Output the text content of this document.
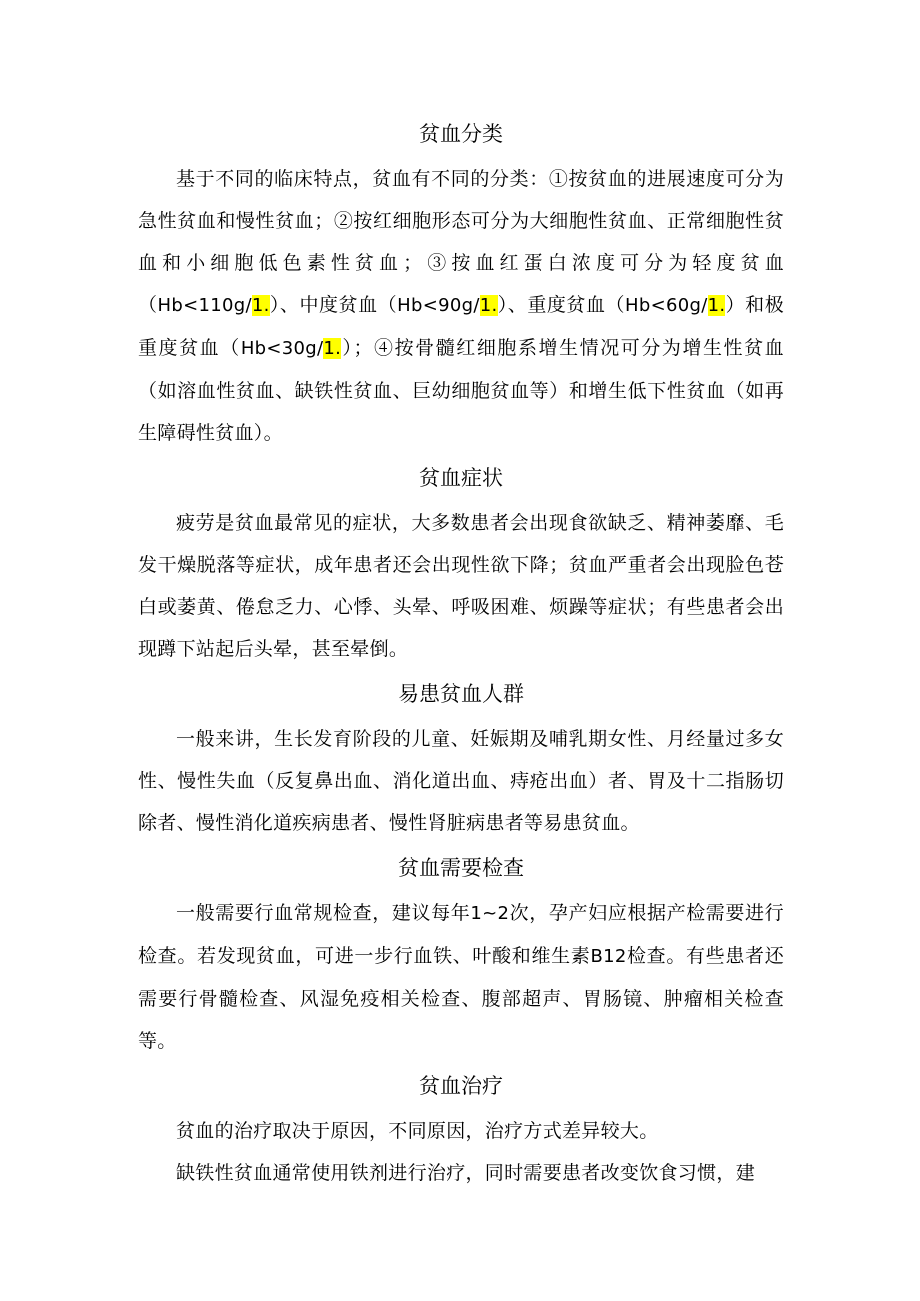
贫血分类

基于不同的临床特点，贫血有不同的分类：①按贫血的进展速度可分为急性贫血和慢性贫血；②按红细胞形态可分为大细胞性贫血、正常细胞性贫血和小细胞低色素性贫血；③按血红蛋白浓度可分为轻度贫血（Hb<110g/1.）、中度贫血（Hb<90g/1.）、重度贫血（Hb<60g/1.）和极重度贫血（Hb<30g/1.）；④按骨髓红细胞系增生情况可分为增生性贫血（如溶血性贫血、缺铁性贫血、巨幼细胞贫血等）和增生低下性贫血（如再生障碍性贫血）。

贫血症状

疲劳是贫血最常见的症状，大多数患者会出现食欲缺乏、精神萎靡、毛发干燥脱落等症状，成年患者还会出现性欲下降；贫血严重者会出现脸色苍白或萎黄、倦怠乏力、心悸、头晕、呼吸困难、烦躁等症状；有些患者会出现蹲下站起后头晕，甚至晕倒。

易患贫血人群

一般来讲，生长发育阶段的儿童、妊娠期及哺乳期女性、月经量过多女性、慢性失血（反复鼻出血、消化道出血、痔疮出血）者、胃及十二指肠切除者、慢性消化道疾病患者、慢性肾脏病患者等易患贫血。

贫血需要检查

一般需要行血常规检查，建议每年1~2次，孕产妇应根据产检需要进行检查。若发现贫血，可进一步行血铁、叶酸和维生素B12检查。有些患者还需要行骨髓检查、风湿免疫相关检查、腹部超声、胃肠镜、肿瘤相关检查等。

贫血治疗

贫血的治疗取决于原因，不同原因，治疗方式差异较大。

缺铁性贫血通常使用铁剂进行治疗，同时需要患者改变饮食习惯，建
